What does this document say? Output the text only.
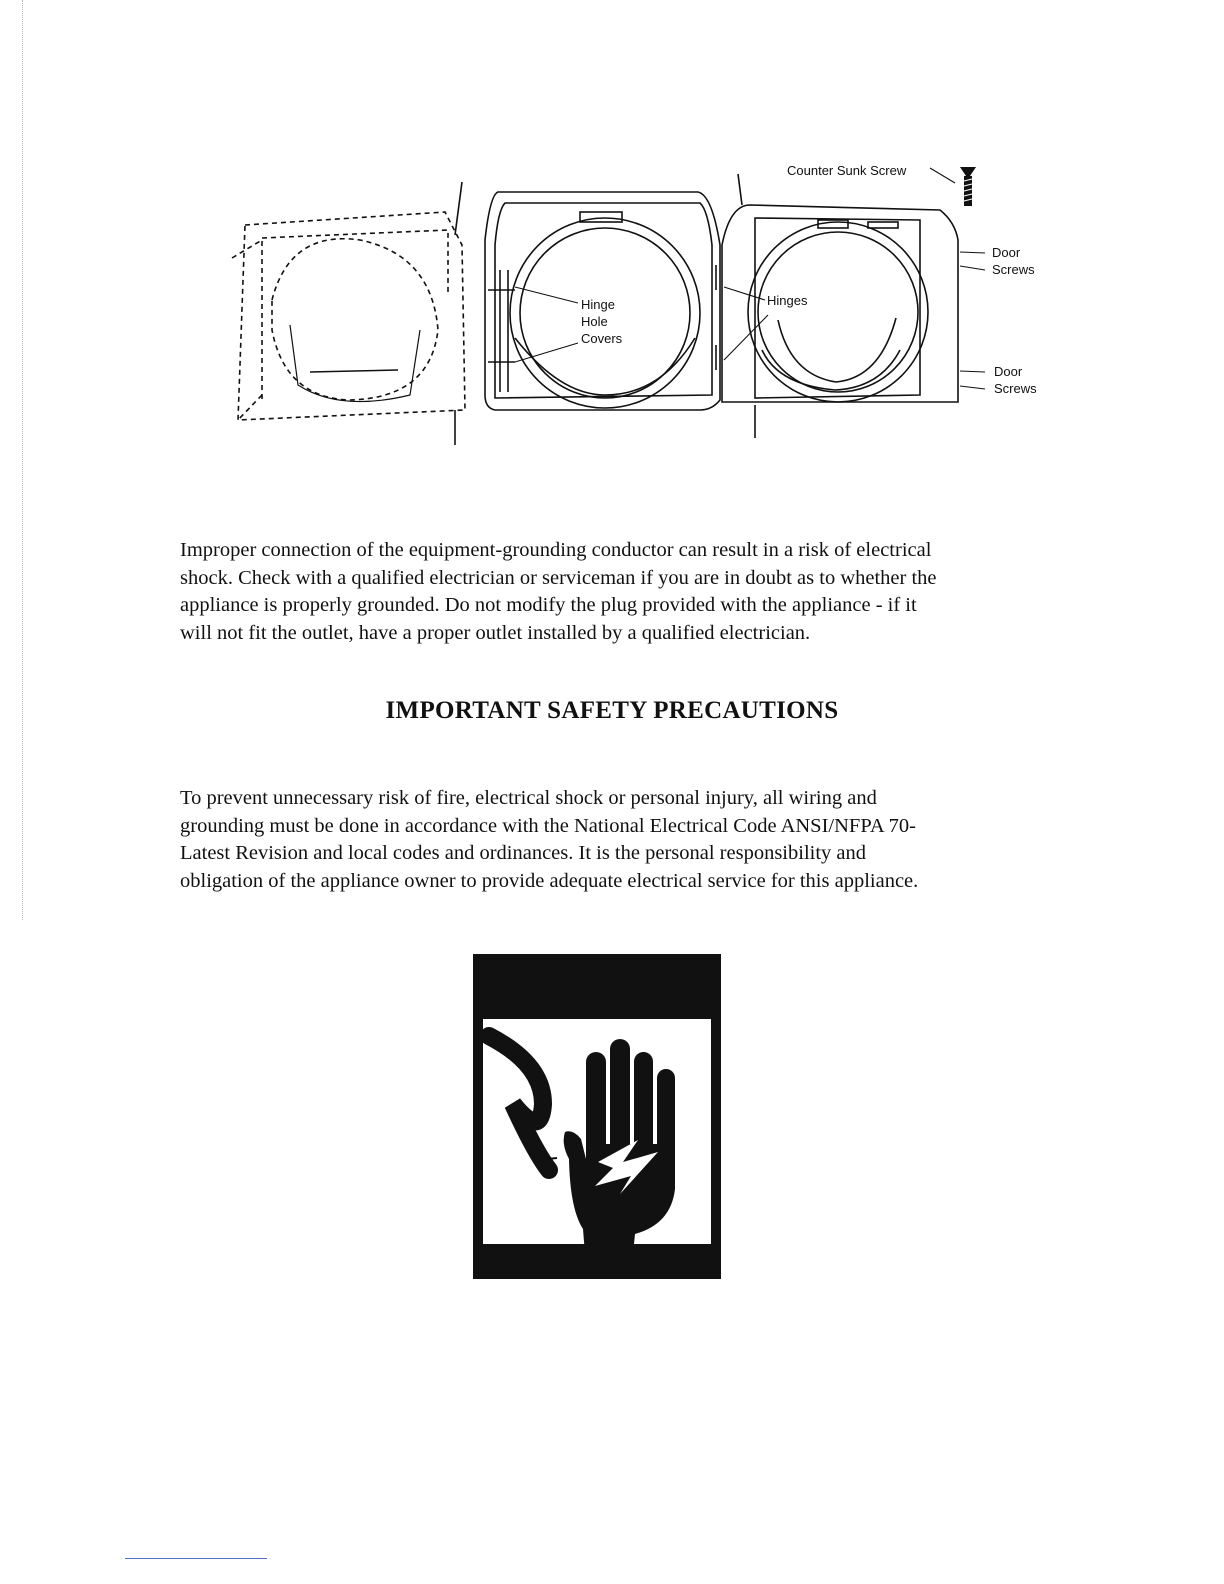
Counter Sunk Screw
Door
Screws
Door
Screws
Hinges
Hinge
Hole
Covers
Improper connection of the equipment-grounding conductor can result in a risk of electrical
shock. Check with a qualified electrician or serviceman if you are in doubt as to whether the
appliance is properly grounded. Do not modify the plug provided with the appliance - if it
will not fit the outlet, have a proper outlet installed by a qualified electrician.
IMPORTANT SAFETY PRECAUTIONS
To prevent unnecessary risk of fire, electrical shock or personal injury, all wiring and
grounding must be done in accordance with the National Electrical Code ANSI/NFPA 70-
Latest Revision and local codes and ordinances. It is the personal responsibility and
obligation of the appliance owner to provide adequate electrical service for this appliance.
